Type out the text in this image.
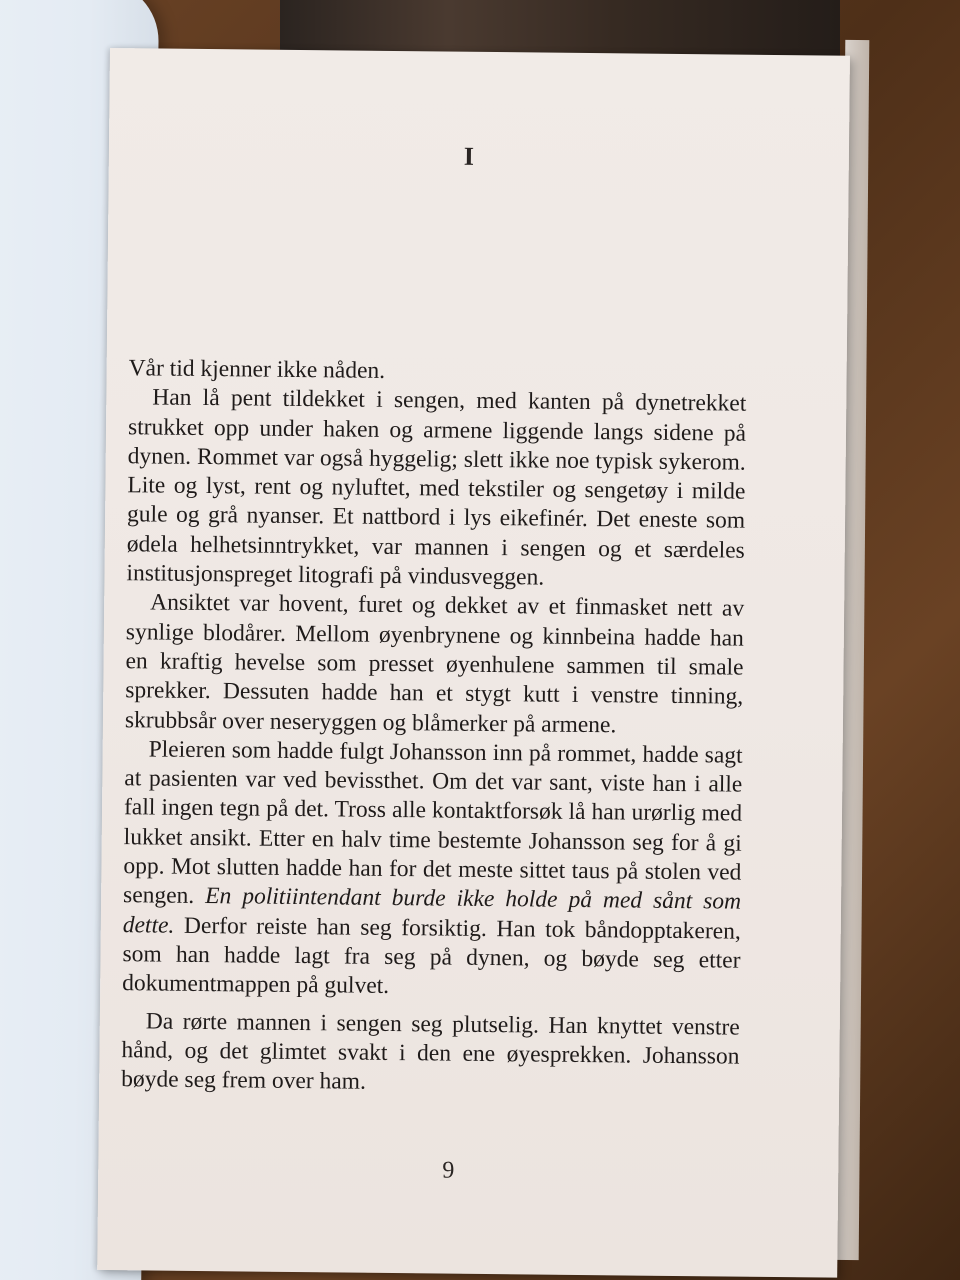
I

Vår tid kjenner ikke nåden.

Han lå pent tildekket i sengen, med kanten på dynetrekket strukket opp under haken og armene liggende langs sidene på dynen. Rommet var også hyggelig; slett ikke noe typisk sykerom. Lite og lyst, rent og nyluftet, med tekstiler og sengetøy i milde gule og grå nyanser. Et nattbord i lys eikefinér. Det eneste som ødela helhetsinntrykket, var mannen i sengen og et særdeles institusjonspreget litografi på vindusveggen.

Ansiktet var hovent, furet og dekket av et finmasket nett av synlige blodårer. Mellom øyenbrynene og kinnbeina hadde han en kraftig hevelse som presset øyenhulene sammen til smale sprekker. Dessuten hadde han et stygt kutt i venstre tinning, skrubbsår over neseryggen og blåmerker på armene.

Pleieren som hadde fulgt Johansson inn på rommet, hadde sagt at pasienten var ved bevissthet. Om det var sant, viste han i alle fall ingen tegn på det. Tross alle kontaktforsøk lå han urørlig med lukket ansikt. Etter en halv time bestemte Johansson seg for å gi opp. Mot slutten hadde han for det meste sittet taus på stolen ved sengen. En politiintendant burde ikke holde på med sånt som dette. Derfor reiste han seg forsiktig. Han tok båndopptakeren, som han hadde lagt fra seg på dynen, og bøyde seg etter dokumentmappen på gulvet.

Da rørte mannen i sengen seg plutselig. Han knyttet venstre hånd, og det glimtet svakt i den ene øyesprekken. Johansson bøyde seg frem over ham.

9
